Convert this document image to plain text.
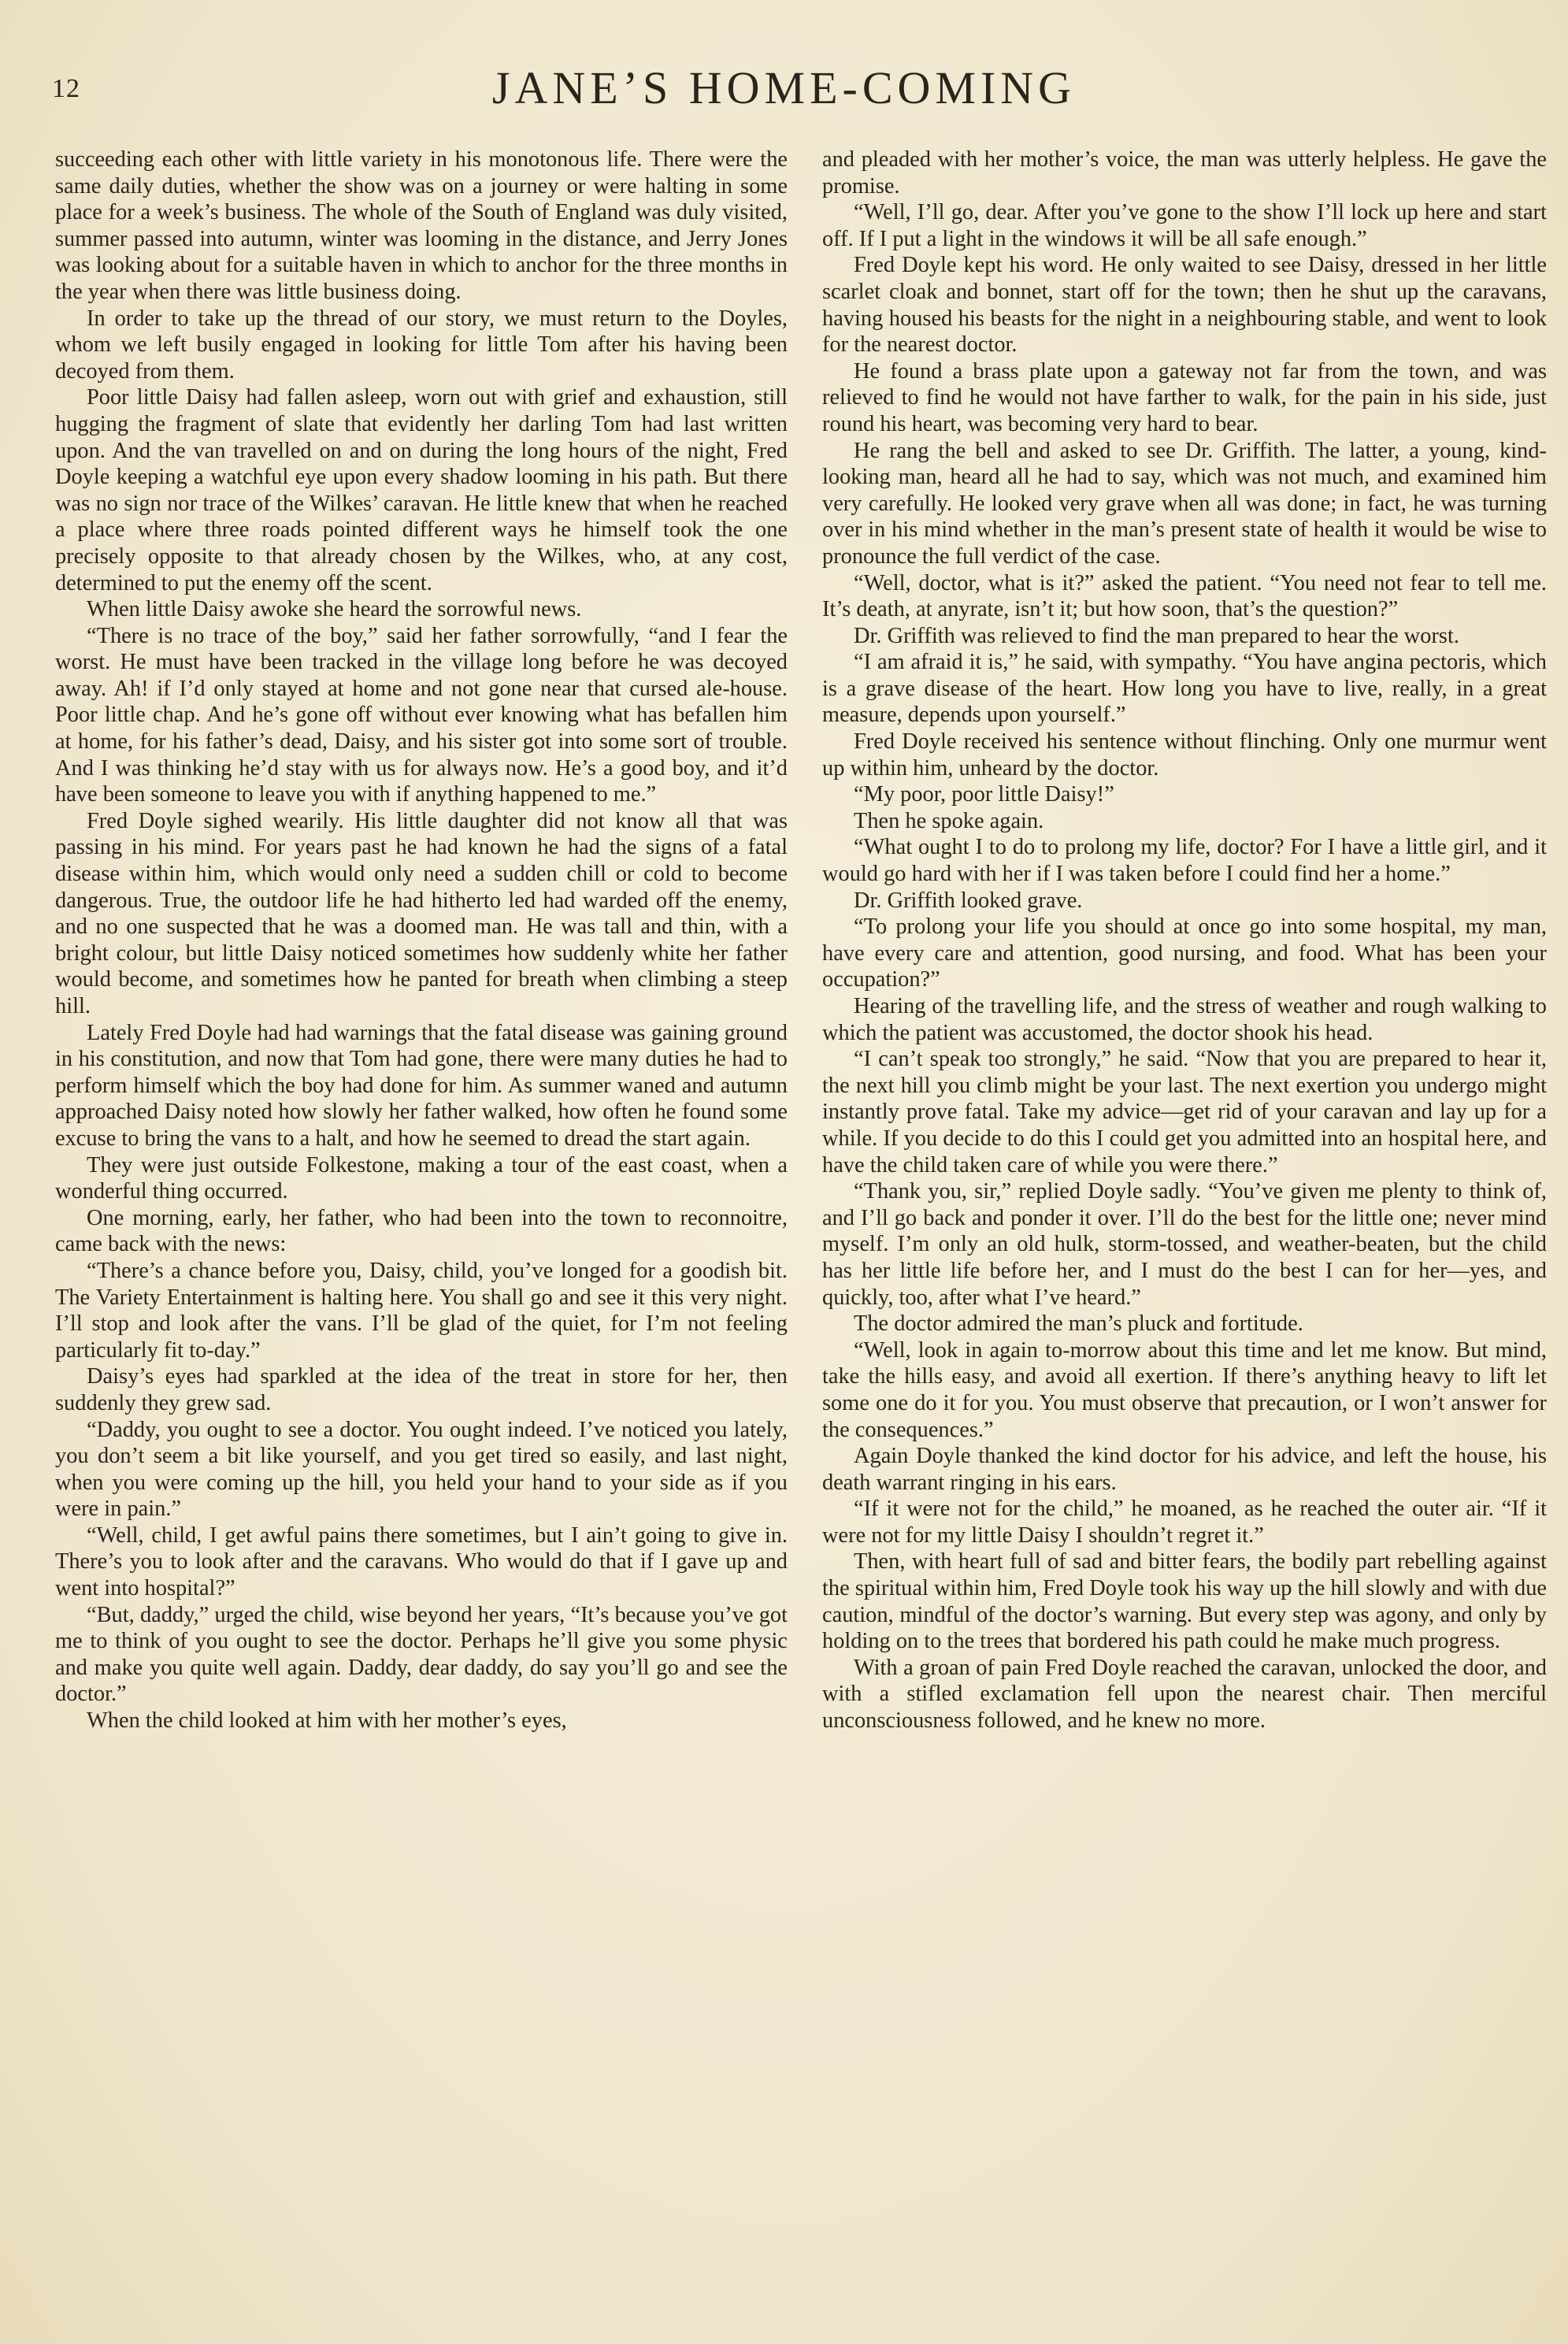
12	JANE’S HOME-COMING

succeeding each other with little variety in his monotonous life. There were the same daily duties, whether the show was on a journey or were halting in some place for a week’s business. The whole of the South of England was duly visited, summer passed into autumn, winter was looming in the distance, and Jerry Jones was looking about for a suitable haven in which to anchor for the three months in the year when there was little business doing.

In order to take up the thread of our story, we must return to the Doyles, whom we left busily engaged in looking for little Tom after his having been decoyed from them.

Poor little Daisy had fallen asleep, worn out with grief and exhaustion, still hugging the fragment of slate that evidently her darling Tom had last written upon. And the van travelled on and on during the long hours of the night, Fred Doyle keeping a watchful eye upon every shadow looming in his path. But there was no sign nor trace of the Wilkes’ caravan. He little knew that when he reached a place where three roads pointed different ways he himself took the one precisely opposite to that already chosen by the Wilkes, who, at any cost, determined to put the enemy off the scent.

When little Daisy awoke she heard the sorrowful news.

“There is no trace of the boy,” said her father sorrowfully, “and I fear the worst. He must have been tracked in the village long before he was decoyed away. Ah! if I’d only stayed at home and not gone near that cursed ale-house. Poor little chap. And he’s gone off without ever knowing what has befallen him at home, for his father’s dead, Daisy, and his sister got into some sort of trouble. And I was thinking he’d stay with us for always now. He’s a good boy, and it’d have been someone to leave you with if anything happened to me.”

Fred Doyle sighed wearily. His little daughter did not know all that was passing in his mind. For years past he had known he had the signs of a fatal disease within him, which would only need a sudden chill or cold to become dangerous. True, the outdoor life he had hitherto led had warded off the enemy, and no one suspected that he was a doomed man. He was tall and thin, with a bright colour, but little Daisy noticed sometimes how suddenly white her father would become, and sometimes how he panted for breath when climbing a steep hill.

Lately Fred Doyle had had warnings that the fatal disease was gaining ground in his constitution, and now that Tom had gone, there were many duties he had to perform himself which the boy had done for him. As summer waned and autumn approached Daisy noted how slowly her father walked, how often he found some excuse to bring the vans to a halt, and how he seemed to dread the start again.

They were just outside Folkestone, making a tour of the east coast, when a wonderful thing occurred.

One morning, early, her father, who had been into the town to reconnoitre, came back with the news:

“There’s a chance before you, Daisy, child, you’ve longed for a goodish bit. The Variety Entertainment is halting here. You shall go and see it this very night. I’ll stop and look after the vans. I’ll be glad of the quiet, for I’m not feeling particularly fit to-day.”

Daisy’s eyes had sparkled at the idea of the treat in store for her, then suddenly they grew sad.

“Daddy, you ought to see a doctor. You ought indeed. I’ve noticed you lately, you don’t seem a bit like yourself, and you get tired so easily, and last night, when you were coming up the hill, you held your hand to your side as if you were in pain.”

“Well, child, I get awful pains there sometimes, but I ain’t going to give in. There’s you to look after and the caravans. Who would do that if I gave up and went into hospital?”

“But, daddy,” urged the child, wise beyond her years, “It’s because you’ve got me to think of you ought to see the doctor. Perhaps he’ll give you some physic and make you quite well again. Daddy, dear daddy, do say you’ll go and see the doctor.”

When the child looked at him with her mother’s eyes,

and pleaded with her mother’s voice, the man was utterly helpless. He gave the promise.

“Well, I’ll go, dear. After you’ve gone to the show I’ll lock up here and start off. If I put a light in the windows it will be all safe enough.”

Fred Doyle kept his word. He only waited to see Daisy, dressed in her little scarlet cloak and bonnet, start off for the town; then he shut up the caravans, having housed his beasts for the night in a neighbouring stable, and went to look for the nearest doctor.

He found a brass plate upon a gateway not far from the town, and was relieved to find he would not have farther to walk, for the pain in his side, just round his heart, was becoming very hard to bear.

He rang the bell and asked to see Dr. Griffith. The latter, a young, kind-looking man, heard all he had to say, which was not much, and examined him very carefully. He looked very grave when all was done; in fact, he was turning over in his mind whether in the man’s present state of health it would be wise to pronounce the full verdict of the case.

“Well, doctor, what is it?” asked the patient. “You need not fear to tell me. It’s death, at anyrate, isn’t it; but how soon, that’s the question?”

Dr. Griffith was relieved to find the man prepared to hear the worst.

“I am afraid it is,” he said, with sympathy. “You have angina pectoris, which is a grave disease of the heart. How long you have to live, really, in a great measure, depends upon yourself.”

Fred Doyle received his sentence without flinching. Only one murmur went up within him, unheard by the doctor.

“My poor, poor little Daisy!”

Then he spoke again.

“What ought I to do to prolong my life, doctor? For I have a little girl, and it would go hard with her if I was taken before I could find her a home.”

Dr. Griffith looked grave.

“To prolong your life you should at once go into some hospital, my man, have every care and attention, good nursing, and food. What has been your occupation?”

Hearing of the travelling life, and the stress of weather and rough walking to which the patient was accustomed, the doctor shook his head.

“I can’t speak too strongly,” he said. “Now that you are prepared to hear it, the next hill you climb might be your last. The next exertion you undergo might instantly prove fatal. Take my advice—get rid of your caravan and lay up for a while. If you decide to do this I could get you admitted into an hospital here, and have the child taken care of while you were there.”

“Thank you, sir,” replied Doyle sadly. “You’ve given me plenty to think of, and I’ll go back and ponder it over. I’ll do the best for the little one; never mind myself. I’m only an old hulk, storm-tossed, and weather-beaten, but the child has her little life before her, and I must do the best I can for her—yes, and quickly, too, after what I’ve heard.”

The doctor admired the man’s pluck and fortitude.

“Well, look in again to-morrow about this time and let me know. But mind, take the hills easy, and avoid all exertion. If there’s anything heavy to lift let some one do it for you. You must observe that precaution, or I won’t answer for the consequences.”

Again Doyle thanked the kind doctor for his advice, and left the house, his death warrant ringing in his ears.

“If it were not for the child,” he moaned, as he reached the outer air. “If it were not for my little Daisy I shouldn’t regret it.”

Then, with heart full of sad and bitter fears, the bodily part rebelling against the spiritual within him, Fred Doyle took his way up the hill slowly and with due caution, mindful of the doctor’s warning. But every step was agony, and only by holding on to the trees that bordered his path could he make much progress.

With a groan of pain Fred Doyle reached the caravan, unlocked the door, and with a stifled exclamation fell upon the nearest chair. Then merciful unconsciousness followed, and he knew no more.
